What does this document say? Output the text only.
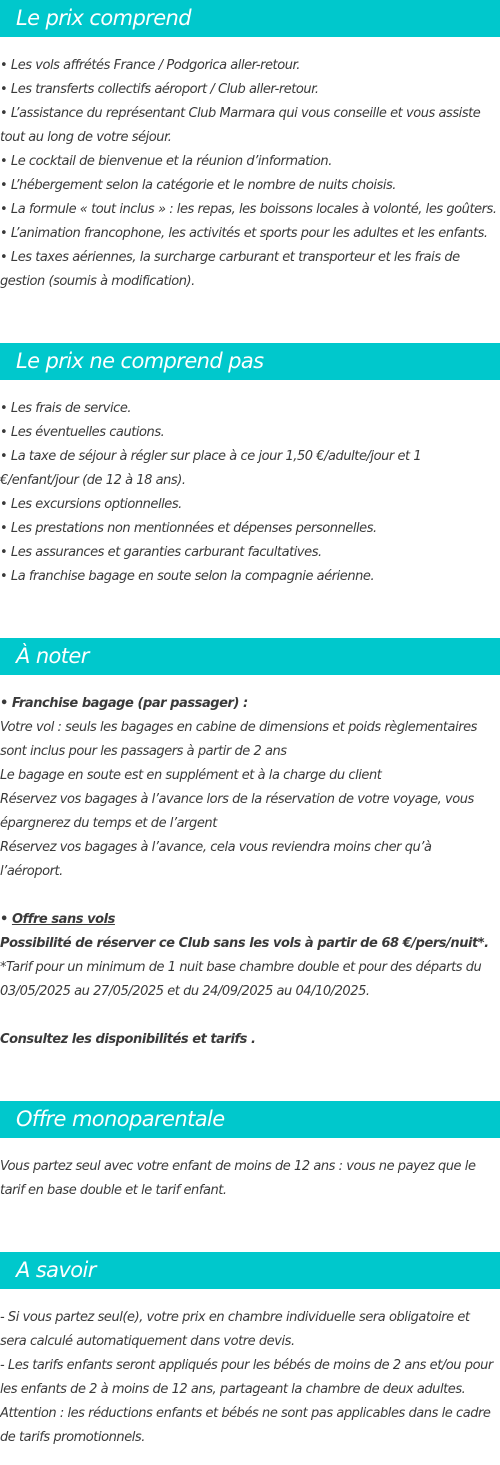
Le prix comprend
• Les vols affrétés France / Podgorica aller-retour.
• Les transferts collectifs aéroport / Club aller-retour.
• L’assistance du représentant Club Marmara qui vous conseille et vous assiste
tout au long de votre séjour.
• Le cocktail de bienvenue et la réunion d’information.
• L’hébergement selon la catégorie et le nombre de nuits choisis.
• La formule « tout inclus » : les repas, les boissons locales à volonté, les goûters.
• L’animation francophone, les activités et sports pour les adultes et les enfants.
• Les taxes aériennes, la surcharge carburant et transporteur et les frais de
gestion (soumis à modification).
Le prix ne comprend pas
• Les frais de service.
• Les éventuelles cautions.
• La taxe de séjour à régler sur place à ce jour 1,50 €/adulte/jour et 1
€/enfant/jour (de 12 à 18 ans).
• Les excursions optionnelles.
• Les prestations non mentionnées et dépenses personnelles.
• Les assurances et garanties carburant facultatives.
• La franchise bagage en soute selon la compagnie aérienne.
À noter
• Franchise bagage (par passager) :
Votre vol : seuls les bagages en cabine de dimensions et poids règlementaires
sont inclus pour les passagers à partir de 2 ans
Le bagage en soute est en supplément et à la charge du client
Réservez vos bagages à l’avance lors de la réservation de votre voyage, vous
épargnerez du temps et de l’argent
Réservez vos bagages à l’avance, cela vous reviendra moins cher qu’à
l’aéroport.
• Offre sans vols
Possibilité de réserver ce Club sans les vols à partir de 68 €/pers/nuit*.
*Tarif pour un minimum de 1 nuit base chambre double et pour des départs du
03/05/2025 au 27/05/2025 et du 24/09/2025 au 04/10/2025.
Consultez les disponibilités et tarifs .
Offre monoparentale
Vous partez seul avec votre enfant de moins de 12 ans : vous ne payez que le
tarif en base double et le tarif enfant.
A savoir
- Si vous partez seul(e), votre prix en chambre individuelle sera obligatoire et
sera calculé automatiquement dans votre devis.
- Les tarifs enfants seront appliqués pour les bébés de moins de 2 ans et/ou pour
les enfants de 2 à moins de 12 ans, partageant la chambre de deux adultes.
Attention : les réductions enfants et bébés ne sont pas applicables dans le cadre
de tarifs promotionnels.
